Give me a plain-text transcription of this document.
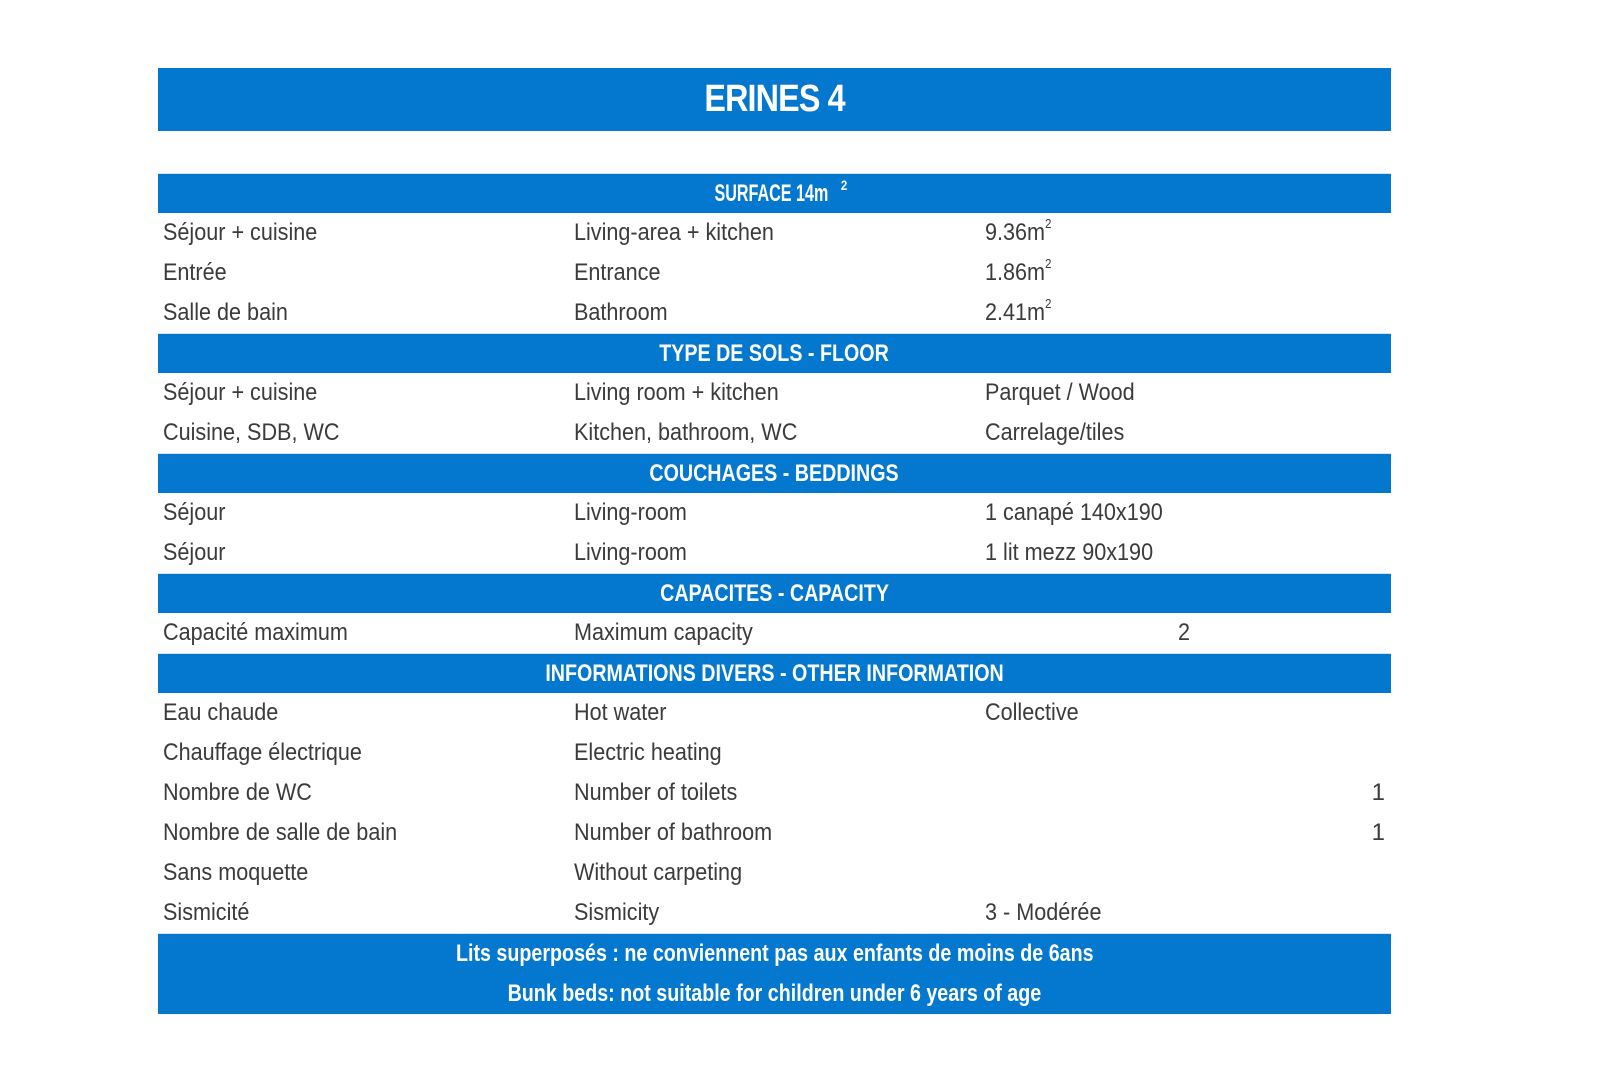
ERINES 4
SURFACE 14m $^2$
Séjour + cuisine	Living-area + kitchen	$9.36m^2$
Entrée	Entrance	$1.86m^2$
Salle de bain	Bathroom	$2.41m^2$
TYPE DE SOLS - FLOOR
Séjour + cuisine	Living room + kitchen	Parquet / Wood
Cuisine, SDB, WC	Kitchen, bathroom, WC	Carrelage/tiles
COUCHAGES - BEDDINGS
Séjour	Living-room	1 canapé 140x190
Séjour	Living-room	1 lit mezz 90x190
CAPACITES - CAPACITY
Capacité maximum	Maximum capacity	2
INFORMATIONS DIVERS - OTHER INFORMATION
Eau chaude	Hot water	Collective
Chauffage électrique	Electric heating
Nombre de WC	Number of toilets	1
Nombre de salle de bain	Number of bathroom	1
Sans moquette	Without carpeting
Sismicité	Sismicity	3 - Modérée
Lits superposés : ne conviennent pas aux enfants de moins de 6ans
Bunk beds: not suitable for children under 6 years of age
